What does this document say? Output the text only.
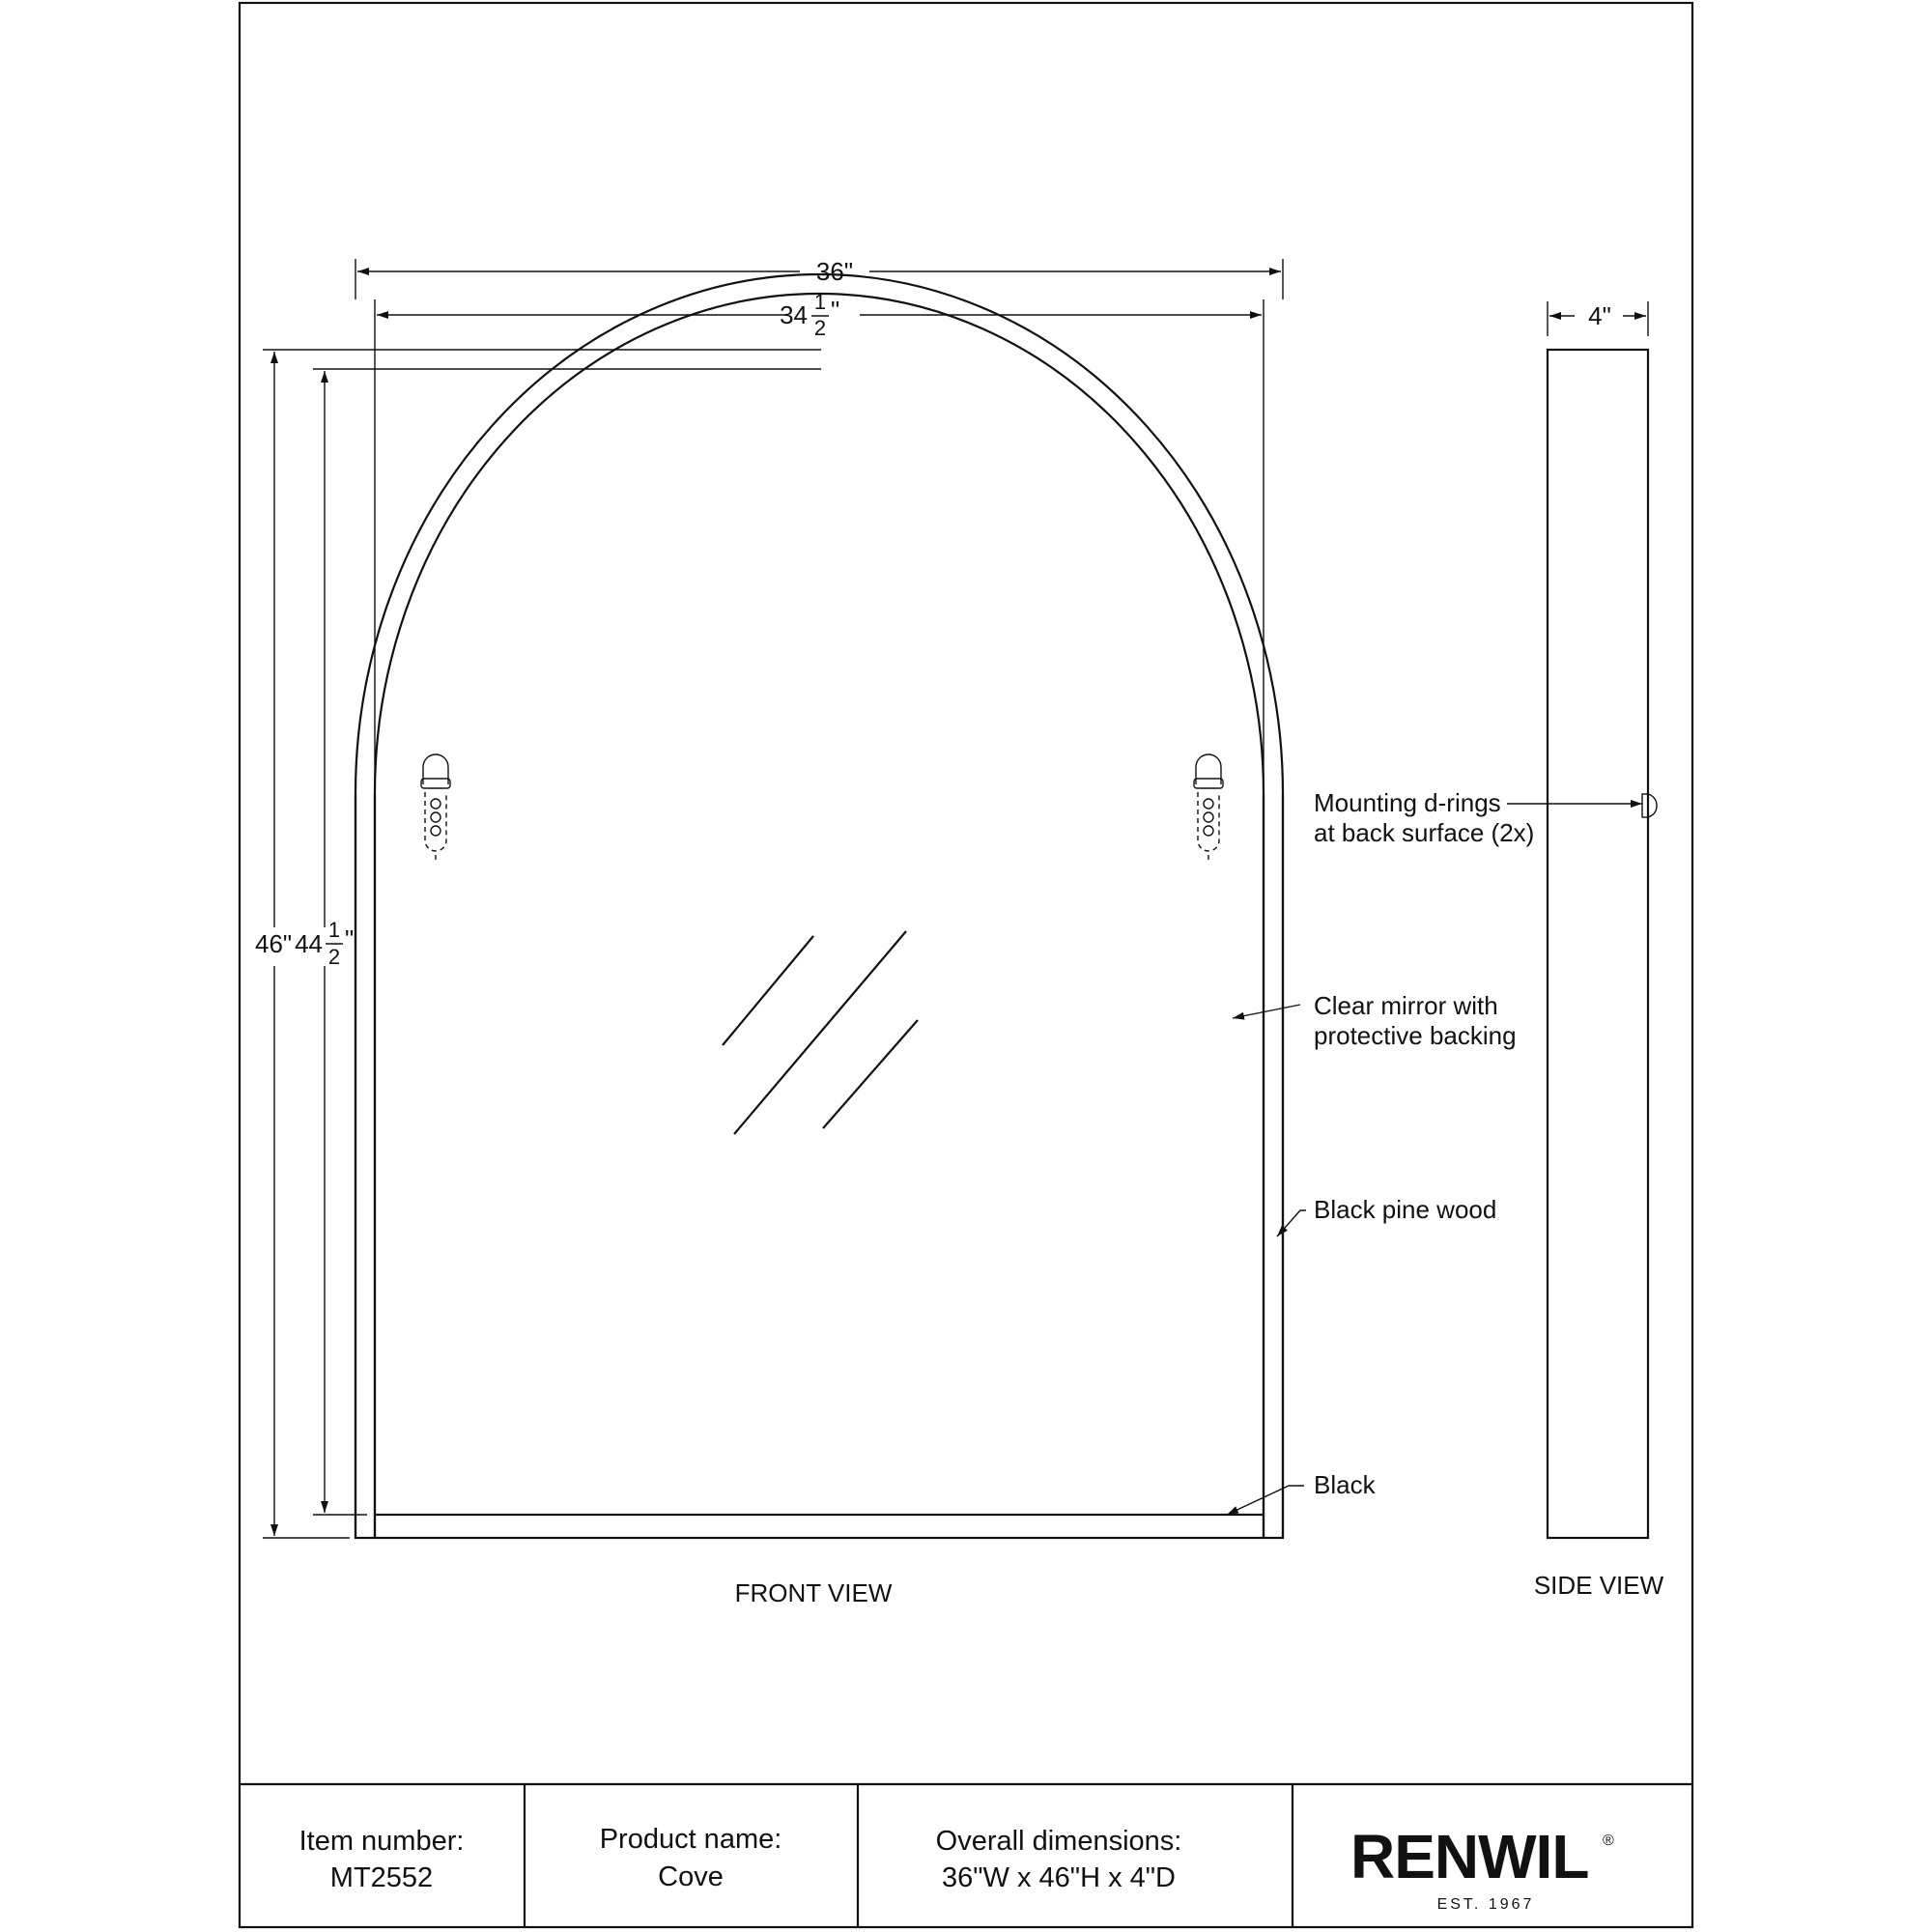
36"
34 1
2
"
46" 44 1
2
"
4"
Mounting d-rings
at back surface (2x)
Clear mirror with
protective backing
Black pine wood
Black
FRONT VIEW	SIDE VIEW
Item number:
MT2552
Product name:
Cove
Overall dimensions:
36"W x 46"H x 4"D	RENWIL ®
EST. 1967
